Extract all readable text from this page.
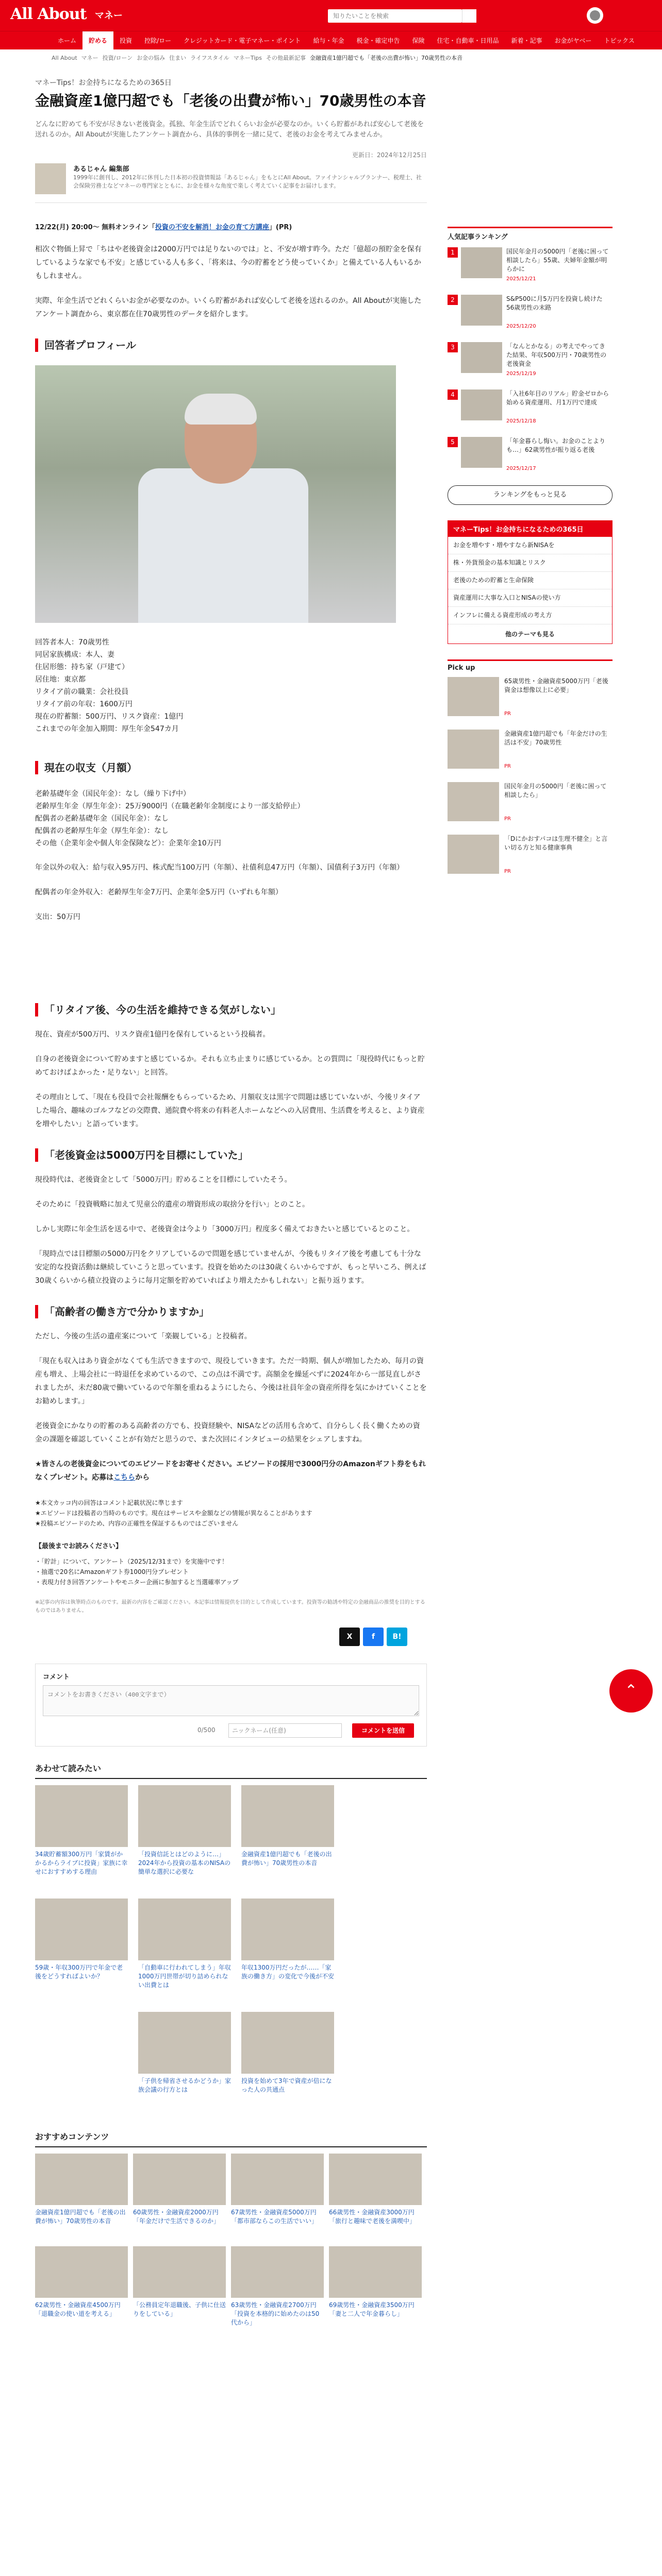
All About マネー
知りたいことを検索
ホーム	貯める	投資	控除/ロー	クレジットカード・電子マネー・ポイント	給与・年金	税金・確定申告	保険	住宅・自動車・日用品	新着・記事	お金がヤベー	トピックス
All About マネー 投資/ローン お金の悩み 住まい ライフスタイル マネーTips その他最新記事 金融資産1億円超でも「老後の出費が怖い」70歳男性の本音
マネーTips！お金持ちになるための365日
金融資産1億円超でも「老後の出費が怖い」70歳男性の本音
どんなに貯めても不安が尽きない老後資金。孤独、年金生活でどれくらいお金が必要なのか。いくら貯蓄があれば安心して老後を送れるのか。All Aboutが実施したアンケート調査から、具体的事例を一緒に見て、老後のお金を考えてみませんか。
更新日：2024年12月25日
あるじゃん 編集部
1999年に創刊し、2012年に休刊した日本初の投資情報誌「あるじゃん」をもとにAll About。ファイナンシャルプランナー、税理士、社会保険労務士などマネーの専門家とともに、お金を様々な角度で楽しく考えていく記事をお届けします。
12/22(月) 20:00〜 無料オンライン「投資の不安を解消！お金の育て方講座」(PR)

相次ぐ物価上昇で「ちはや老後資金は2000万円では足りないのでは」と、不安が増す昨今。ただ「億超の預貯金を保有しているような家でも不安」と感じている人も多く、「将来は、今の貯蓄をどう使っていくか」と備えている人もいるかもしれません。

実際、年金生活でどれくらいお金が必要なのか。いくら貯蓄があれば安心して老後を送れるのか。All Aboutが実施したアンケート調査から、東京都在住70歳男性のデータを紹介します。

回答者プロフィール
回答者本人：70歳男性
同居家族構成：本人、妻
住居形態：持ち家（戸建て）
居住地：東京都
リタイア前の職業：会社役員
リタイア前の年収：1600万円
現在の貯蓄額：500万円、リスク資産：1億円
これまでの年金加入期間：厚生年金547カ月
現在の収支（月額）
老齢基礎年金（国民年金）：なし（繰り下げ中）
老齢厚生年金（厚生年金）：25万9000円（在職老齢年金制度により一部支給停止）
配偶者の老齢基礎年金（国民年金）：なし
配偶者の老齢厚生年金（厚生年金）：なし
その他（企業年金や個人年金保険など）：企業年金10万円

年金以外の収入：給与収入95万円、株式配当100万円（年額）、社債利息47万円（年額）、国債利子3万円（年額）

配偶者の年金外収入：老齢厚生年金7万円、企業年金5万円（いずれも年額）

支出：50万円

「リタイア後、今の生活を維持できる気がしない」

現在、資産が500万円、リスク資産1億円を保有しているという投稿者。

自身の老後資金について貯めますと感じているか。それも立ち止まりに感じているか。との質問に「現役時代にもっと貯めておけばよかった・足りない」と回答。

その理由として、「現在も役員で会社報酬をもらっているため、月額収支は黒字で問題は感じていないが、今後リタイアした場合、趣味のゴルフなどの交際費、通院費や将来の有料老人ホームなどへの入居費用、生活費を考えると、より資産を増やしたい」と語っています。

「老後資金は5000万円を目標にしていた」

現役時代は、老後資金として「5000万円」貯めることを目標にしていたそう。

そのために「投資戦略に加えて児童公的遺産の増資形成の取捨分を行い」とのこと。

しかし実際に年金生活を送る中で、老後資金は今より「3000万円」程度多く備えておきたいと感じているとのこと。

「現時点では目標額の5000万円をクリアしているので問題を感じていませんが、今後もリタイア後を考慮しても十分な安定的な投資活動は継続していこうと思っています。投資を始めたのは30歳くらいからですが、もっと早いころ、例えば30歳くらいから積立投資のように毎月定額を貯めていればより増えたかもしれない」と振り返ります。

「高齢者の働き方で分かりますか」

ただし、今後の生活の遺産案について「楽観している」と投稿者。

「現在も収入はあり資金がなくても生活できますので、現役していきます。ただ一時期、個人が増加したため、毎月の資産も増え、上場会社に一時退任を求めているので、この点は不満です。高額金を繰延べずに2024年から一部見直しがされましたが、未だ80歳で働いているので年額を重ねるようにしたら、今後は社員年金の資産所得を気にかけていくことをお勧めします。」

老後資金にかなりの貯蓄のある高齢者の方でも、投資経験や、NISAなどの活用も含めて、自分らしく長く働くための資金の課題を確認していくことが有効だと思うので、また次回にインタビューの結果をシェアしますね。

★皆さんの老後資金についてのエピソードをお寄せください。エピソードの採用で3000円分のAmazonギフト券をもれなくプレゼント。応募はこちらから

★本文カッコ内の回答はコメント記載状況に準じます
★エピソードは投稿者の当時のものです。現在はサービスや金額などの情報が異なることがあります
★投稿エピソードのため、内容の正確性を保証するものではございません

【最後までお読みください】

・「貯計」について、アンケート（2025/12/31まで）を実施中です！
・抽選で20名にAmazonギフト券1000円分プレゼント
・表現力付き回答アンケートやモニター企画に参加すると当選確率アップ

※記事の内容は執筆時点のものです。最新の内容をご確認ください。本記事は情報提供を目的として作成しています。投資等の勧誘や特定の金融商品の推奨を目的とするものではありません。

X	f	B!
コメント
コメントをお書きください（400文字まで）
0/500	ニックネーム(任意)	コメントを送信
あわせて読みたい
34歳貯蓄額300万円「家賃がかかるからライブに投資」家族に幸せにおすすめする理由
「投資信託とはどのように…」2024年から投資の基本のNISAの簡単な選択に必要な
金融資産1億円超でも「老後の出費が怖い」70歳男性の本音
59歳・年収300万円で年金で老後をどうすればよいか？
「自動車に行われてしまう」年収1000万円世帯が切り詰められない出費とは
年収1300万円だったが……「家族の働き方」の変化で今後が不安
「子供を帰省させるかどうか」家族会議の行方とは
投資を始めて3年で資産が倍になった人の共通点
おすすめコンテンツ
金融資産1億円超でも「老後の出費が怖い」70歳男性の本音
60歳男性・金融資産2000万円「年金だけで生活できるのか」
67歳男性・金融資産5000万円「都市部ならこの生活でいい」
66歳男性・金融資産3000万円「旅行と趣味で老後を満喫中」
62歳男性・金融資産4500万円「退職金の使い道を考える」
「公務員定年退職後、子供に仕送りをしている」
63歳男性・金融資産2700万円「投資を本格的に始めたのは50代から」
69歳男性・金融資産3500万円「妻と二人で年金暮らし」
人気記事ランキング
1	国民年金月の5000円「老後に困って相談したら」55歳、夫婦年金額が明らかに
2025/12/21
2	S&P500に月5万円を投資し続けた56歳男性の末路
2025/12/20
3	「なんとかなる」の考えでやってきた結果、年収500万円・70歳男性の老後資金
2025/12/19
4	「入社6年目のリアル」貯金ゼロから始める資産運用、月1万円で達成
2025/12/18
5	「年金暮らし悔い。お金のことよりも…」62歳男性が振り返る老後
2025/12/17
ランキングをもっと見る
マネーTips！お金持ちになるための365日
お金を増やす・増やすなら新NISAを
株・外貨預金の基本知識とリスク
老後のための貯蓄と生命保険
資産運用に大事な入口とNISAの使い方
インフレに備える資産形成の考え方
他のテーマも見る
Pick up
65歳男性・金融資産5000万円「老後資金は想像以上に必要」
PR
金融資産1億円超でも「年金だけの生活は不安」70歳男性
PR
国民年金月の5000円「老後に困って相談したら」
PR
「Dにかおすパコは生理不健全」と言い切る方と知る健康事典
PR
⌃
